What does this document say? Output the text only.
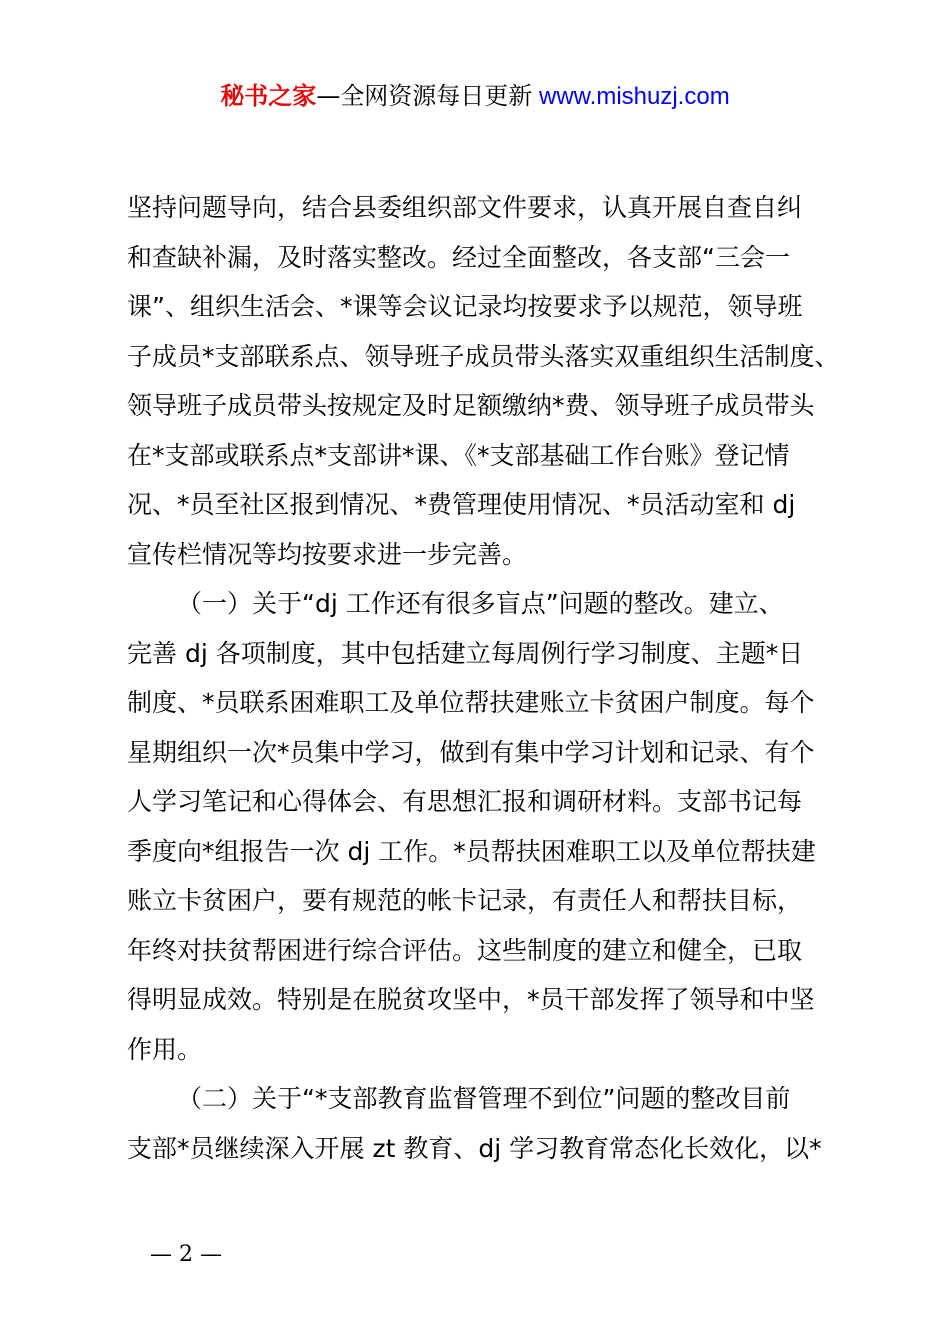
秘书之家—全网资源每日更新 www.mishuzj.com
坚持问题导向，结合县委组织部文件要求，认真开展自查自纠
和查缺补漏，及时落实整改。经过全面整改，各支部“三会一
课”、组织生活会、*课等会议记录均按要求予以规范，领导班
子成员*支部联系点、领导班子成员带头落实双重组织生活制度、
领导班子成员带头按规定及时足额缴纳*费、领导班子成员带头
在*支部或联系点*支部讲*课、《*支部基础工作台账》登记情
况、*员至社区报到情况、*费管理使用情况、*员活动室和 dj
宣传栏情况等均按要求进一步完善。
（一）关于“dj 工作还有很多盲点”问题的整改。建立、
完善 dj 各项制度，其中包括建立每周例行学习制度、主题*日
制度、*员联系困难职工及单位帮扶建账立卡贫困户制度。每个
星期组织一次*员集中学习，做到有集中学习计划和记录、有个
人学习笔记和心得体会、有思想汇报和调研材料。支部书记每
季度向*组报告一次 dj 工作。*员帮扶困难职工以及单位帮扶建
账立卡贫困户，要有规范的帐卡记录，有责任人和帮扶目标，
年终对扶贫帮困进行综合评估。这些制度的建立和健全，已取
得明显成效。特别是在脱贫攻坚中，*员干部发挥了领导和中坚
作用。
（二）关于“*支部教育监督管理不到位”问题的整改目前
支部*员继续深入开展 zt 教育、dj 学习教育常态化长效化，以*
— 2 —
